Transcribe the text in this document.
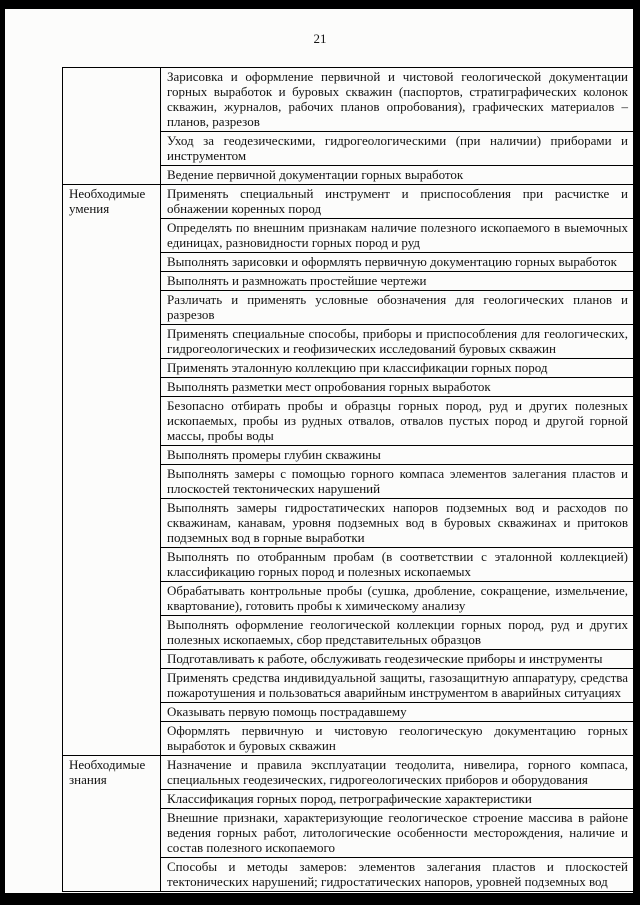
21
	Зарисовка и оформление первичной и чистовой геологической документации горных выработок и буровых скважин (паспортов, стратиграфических колонок скважин, журналов, рабочих планов опробования), графических материалов – планов, разрезов
	Уход за геодезическими, гидрогеологическими (при наличии) приборами и инструментом
	Ведение первичной документации горных выработок
Необходимые умения	Применять специальный инструмент и приспособления при расчистке и обнажении коренных пород
	Определять по внешним признакам наличие полезного ископаемого в выемочных единицах, разновидности горных пород и руд
	Выполнять зарисовки и оформлять первичную документацию горных выработок
	Выполнять и размножать простейшие чертежи
	Различать и применять условные обозначения для геологических планов и разрезов
	Применять специальные способы, приборы и приспособления для геологических, гидрогеологических и геофизических исследований буровых скважин
	Применять эталонную коллекцию при классификации горных пород
	Выполнять разметки мест опробования горных выработок
	Безопасно отбирать пробы и образцы горных пород, руд и других полезных ископаемых, пробы из рудных отвалов, отвалов пустых пород и другой горной массы, пробы воды
	Выполнять промеры глубин скважины
	Выполнять замеры с помощью горного компаса элементов залегания пластов и плоскостей тектонических нарушений
	Выполнять замеры гидростатических напоров подземных вод и расходов по скважинам, канавам, уровня подземных вод в буровых скважинах и притоков подземных вод в горные выработки
	Выполнять по отобранным пробам (в соответствии с эталонной коллекцией) классификацию горных пород и полезных ископаемых
	Обрабатывать контрольные пробы (сушка, дробление, сокращение, измельчение, квартование), готовить пробы к химическому анализу
	Выполнять оформление геологической коллекции горных пород, руд и других полезных ископаемых, сбор представительных образцов
	Подготавливать к работе, обслуживать геодезические приборы и инструменты
	Применять средства индивидуальной защиты, газозащитную аппаратуру, средства пожаротушения и пользоваться аварийным инструментом в аварийных ситуациях
	Оказывать первую помощь пострадавшему
	Оформлять первичную и чистовую геологическую документацию горных выработок и буровых скважин
Необходимые знания	Назначение и правила эксплуатации теодолита, нивелира, горного компаса, специальных геодезических, гидрогеологических приборов и оборудования
	Классификация горных пород, петрографические характеристики
	Внешние признаки, характеризующие геологическое строение массива в районе ведения горных работ, литологические особенности месторождения, наличие и состав полезного ископаемого
	Способы и методы замеров: элементов залегания пластов и плоскостей тектонических нарушений; гидростатических напоров, уровней подземных вод
